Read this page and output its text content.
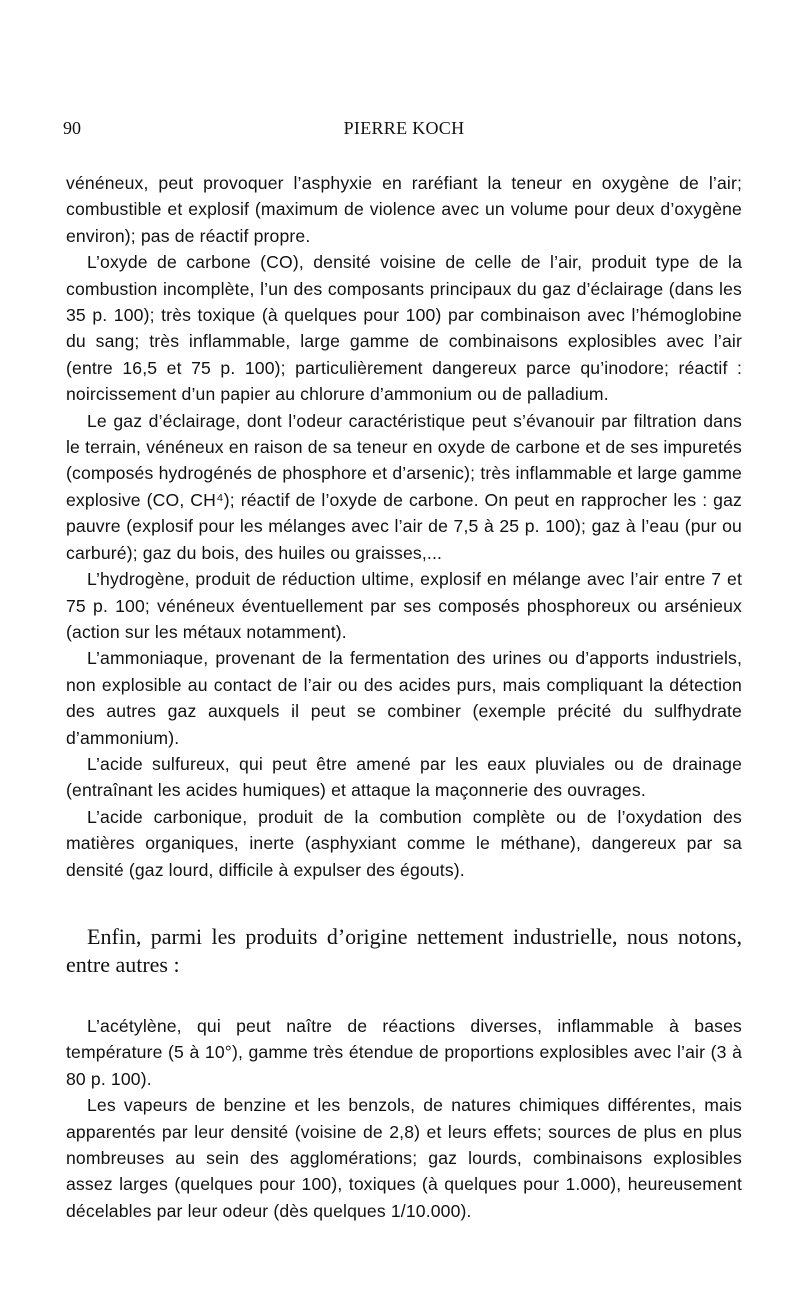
90	PIERRE KOCH

vénéneux, peut provoquer l’asphyxie en raréfiant la teneur en oxygène de l’air; combustible et explosif (maximum de violence avec un volume pour deux d’oxygène environ); pas de réactif propre.

L’oxyde de carbone (CO), densité voisine de celle de l’air, produit type de la combustion incomplète, l’un des composants principaux du gaz d’éclairage (dans les 35 p. 100); très toxique (à quelques pour 100) par combinaison avec l’hémoglobine du sang; très inflammable, large gamme de combinaisons explosibles avec l’air (entre 16,5 et 75 p. 100); particulièrement dangereux parce qu’inodore; réactif : noircissement d’un papier au chlorure d’ammonium ou de palladium.

Le gaz d’éclairage, dont l’odeur caractéristique peut s’évanouir par filtration dans le terrain, vénéneux en raison de sa teneur en oxyde de carbone et de ses impuretés (composés hydrogénés de phosphore et d’arsenic); très inflammable et large gamme explosive (CO, CH⁴); réactif de l’oxyde de carbone. On peut en rapprocher les : gaz pauvre (explosif pour les mélanges avec l’air de 7,5 à 25 p. 100); gaz à l’eau (pur ou carburé); gaz du bois, des huiles ou graisses,...

L’hydrogène, produit de réduction ultime, explosif en mélange avec l’air entre 7 et 75 p. 100; vénéneux éventuellement par ses composés phosphoreux ou arsénieux (action sur les métaux notamment).

L’ammoniaque, provenant de la fermentation des urines ou d’apports industriels, non explosible au contact de l’air ou des acides purs, mais compliquant la détection des autres gaz auxquels il peut se combiner (exemple précité du sulfhydrate d’ammonium).

L’acide sulfureux, qui peut être amené par les eaux pluviales ou de drainage (entraînant les acides humiques) et attaque la maçonnerie des ouvrages.

L’acide carbonique, produit de la combution complète ou de l’oxydation des matières organiques, inerte (asphyxiant comme le méthane), dangereux par sa densité (gaz lourd, difficile à expulser des égouts).

Enfin, parmi les produits d’origine nettement industrielle, nous notons, entre autres :

L’acétylène, qui peut naître de réactions diverses, inflammable à bases température (5 à 10°), gamme très étendue de proportions explosibles avec l’air (3 à 80 p. 100).

Les vapeurs de benzine et les benzols, de natures chimiques différentes, mais apparentés par leur densité (voisine de 2,8) et leurs effets; sources de plus en plus nombreuses au sein des agglomérations; gaz lourds, combinaisons explosibles assez larges (quelques pour 100), toxiques (à quelques pour 1.000), heureusement décelables par leur odeur (dès quelques 1/10.000).
